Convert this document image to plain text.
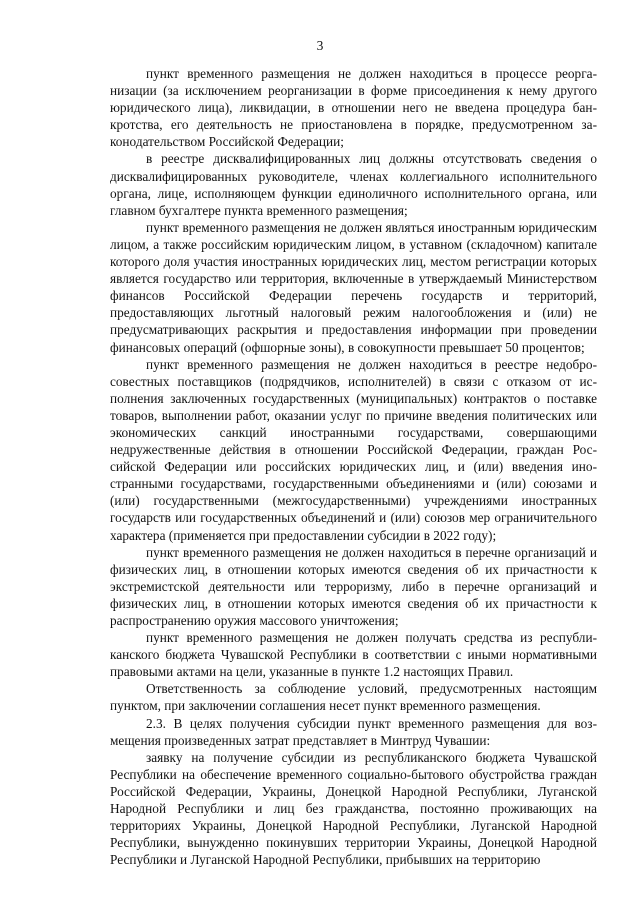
3

пункт временного размещения не должен находиться в процессе реорганизации (за исключением реорганизации в форме присоединения к нему другого юридического лица), ликвидации, в отношении него не введена процедура банкротства, его деятельность не приостановлена в порядке, предусмотренном законодательством Российской Федерации;

в реестре дисквалифицированных лиц должны отсутствовать сведения о дисквалифицированных руководителе, членах коллегиального исполнительного органа, лице, исполняющем функции единоличного исполнительного органа, или главном бухгалтере пункта временного размещения;

пункт временного размещения не должен являться иностранным юридическим лицом, а также российским юридическим лицом, в уставном (складочном) капитале которого доля участия иностранных юридических лиц, местом регистрации которых является государство или территория, включенные в утверждаемый Министерством финансов Российской Федерации перечень государств и территорий, предоставляющих льготный налоговый режим налогообложения и (или) не предусматривающих раскрытия и предоставления информации при проведении финансовых операций (офшорные зоны), в совокупности превышает 50 процентов;

пункт временного размещения не должен находиться в реестре недобросовестных поставщиков (подрядчиков, исполнителей) в связи с отказом от исполнения заключенных государственных (муниципальных) контрактов о поставке товаров, выполнении работ, оказании услуг по причине введения политических или экономических санкций иностранными государствами, совершающими недружественные действия в отношении Российской Федерации, граждан Российской Федерации или российских юридических лиц, и (или) введения иностранными государствами, государственными объединениями и (или) союзами и (или) государственными (межгосударственными) учреждениями иностранных государств или государственных объединений и (или) союзов мер ограничительного характера (применяется при предоставлении субсидии в 2022 году);

пункт временного размещения не должен находиться в перечне организаций и физических лиц, в отношении которых имеются сведения об их причастности к экстремистской деятельности или терроризму, либо в перечне организаций и физических лиц, в отношении которых имеются сведения об их причастности к распространению оружия массового уничтожения;

пункт временного размещения не должен получать средства из республиканского бюджета Чувашской Республики в соответствии с иными нормативными правовыми актами на цели, указанные в пункте 1.2 настоящих Правил.

Ответственность за соблюдение условий, предусмотренных настоящим пунктом, при заключении соглашения несет пункт временного размещения.

2.3. В целях получения субсидии пункт временного размещения для возмещения произведенных затрат представляет в Минтруд Чувашии:

заявку на получение субсидии из республиканского бюджета Чувашской Республики на обеспечение временного социально-бытового обустройства граждан Российской Федерации, Украины, Донецкой Народной Республики, Луганской Народной Республики и лиц без гражданства, постоянно проживающих на территориях Украины, Донецкой Народной Республики, Луганской Народной Республики, вынужденно покинувших территории Украины, Донецкой Народной Республики и Луганской Народной Республики, прибывших на территорию
